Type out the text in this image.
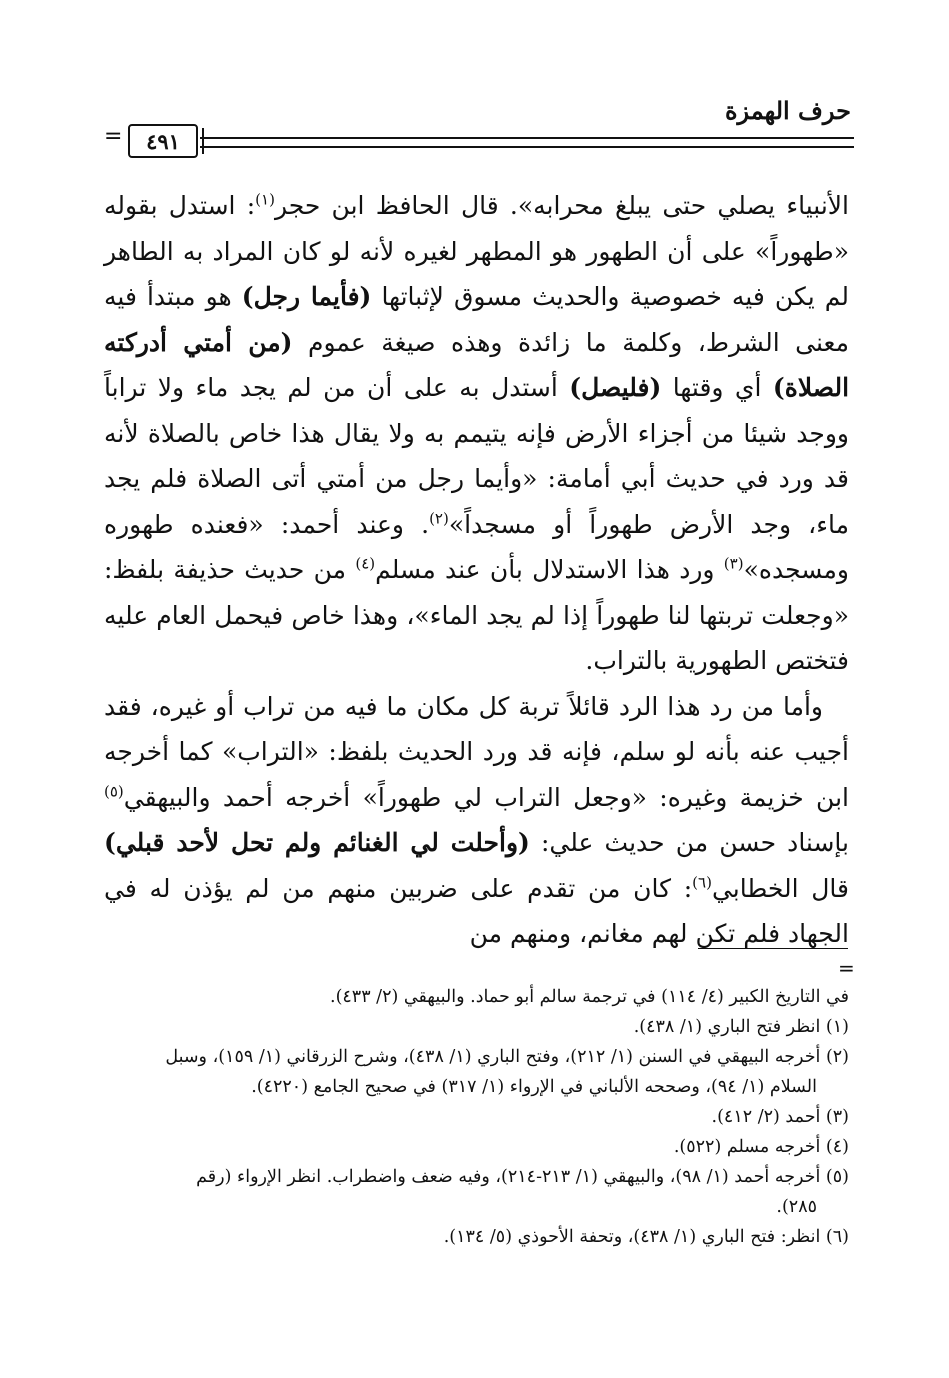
حرف الهمزة
٤٩١
=

الأنبياء يصلي حتى يبلغ محرابه». قال الحافظ ابن حجر$^{(١)}$: استدل بقوله «طهوراً» على أن الطهور هو المطهر لغيره لأنه لو كان المراد به الطاهر لم يكن فيه خصوصية والحديث مسوق لإثباتها (فأيما رجل) هو مبتدأ فيه معنى الشرط، وكلمة ما زائدة وهذه صيغة عموم (من أمتي أدركته الصلاة) أي وقتها (فليصل) أستدل به على أن من لم يجد ماء ولا تراباً ووجد شيئا من أجزاء الأرض فإنه يتيمم به ولا يقال هذا خاص بالصلاة لأنه قد ورد في حديث أبي أمامة: «وأيما رجل من أمتي أتى الصلاة فلم يجد ماء، وجد الأرض طهوراً أو مسجداً»$^{(٢)}$. وعند أحمد: «فعنده طهوره ومسجده»$^{(٣)}$ ورد هذا الاستدلال بأن عند مسلم$^{(٤)}$ من حديث حذيفة بلفظ: «وجعلت تربتها لنا طهوراً إذا لم يجد الماء»، وهذا خاص فيحمل العام عليه فتختص الطهورية بالتراب.

وأما من رد هذا الرد قائلاً تربة كل مكان ما فيه من تراب أو غيره، فقد أجيب عنه بأنه لو سلم، فإنه قد ورد الحديث بلفظ: «التراب» كما أخرجه ابن خزيمة وغيره: «وجعل التراب لي طهوراً» أخرجه أحمد والبيهقي$^{(٥)}$ بإسناد حسن من حديث علي: (وأحلت لي الغنائم ولم تحل لأحد قبلي) قال الخطابي$^{(٦)}$: كان من تقدم على ضربين منهم من لم يؤذن له في الجهاد فلم تكن لهم مغانم، ومنهم من

=

في التاريخ الكبير (٤/ ١١٤) في ترجمة سالم أبو حماد. والبيهقي (٢/ ٤٣٣).

(١) انظر فتح الباري (١/ ٤٣٨).

(٢) أخرجه البيهقي في السنن (١/ ٢١٢)، وفتح الباري (١/ ٤٣٨)، وشرح الزرقاني (١/ ١٥٩)، وسبل

السلام (١/ ٩٤)، وصححه الألباني في الإرواء (١/ ٣١٧) في صحيح الجامع (٤٢٢٠).

(٣) أحمد (٢/ ٤١٢).

(٤) أخرجه مسلم (٥٢٢).

(٥) أخرجه أحمد (١/ ٩٨)، والبيهقي (١/ ٢١٣-٢١٤)، وفيه ضعف واضطراب. انظر الإرواء (رقم

٢٨٥).

(٦) انظر: فتح الباري (١/ ٤٣٨)، وتحفة الأحوذي (٥/ ١٣٤).
